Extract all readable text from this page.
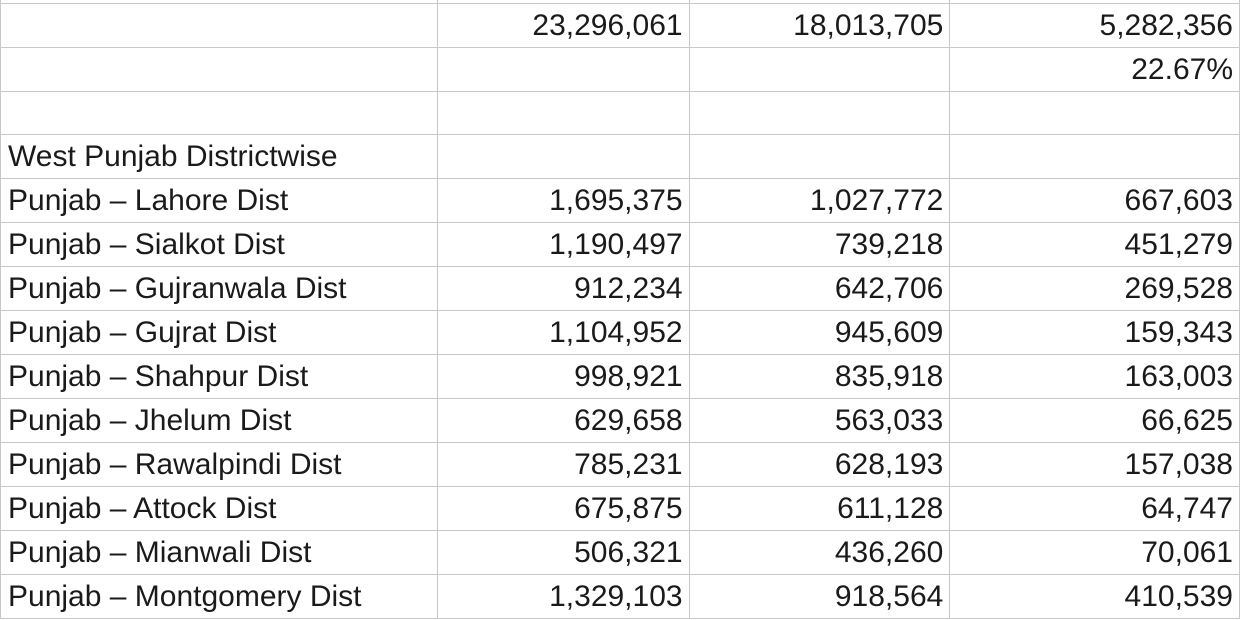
	23,296,061	18,013,705	5,282,356
			22.67%

West Punjab Districtwise			
Punjab – Lahore Dist	1,695,375	1,027,772	667,603
Punjab – Sialkot Dist	1,190,497	739,218	451,279
Punjab – Gujranwala Dist	912,234	642,706	269,528
Punjab – Gujrat Dist	1,104,952	945,609	159,343
Punjab – Shahpur Dist	998,921	835,918	163,003
Punjab – Jhelum Dist	629,658	563,033	66,625
Punjab – Rawalpindi Dist	785,231	628,193	157,038
Punjab – Attock Dist	675,875	611,128	64,747
Punjab – Mianwali Dist	506,321	436,260	70,061
Punjab – Montgomery Dist	1,329,103	918,564	410,539
